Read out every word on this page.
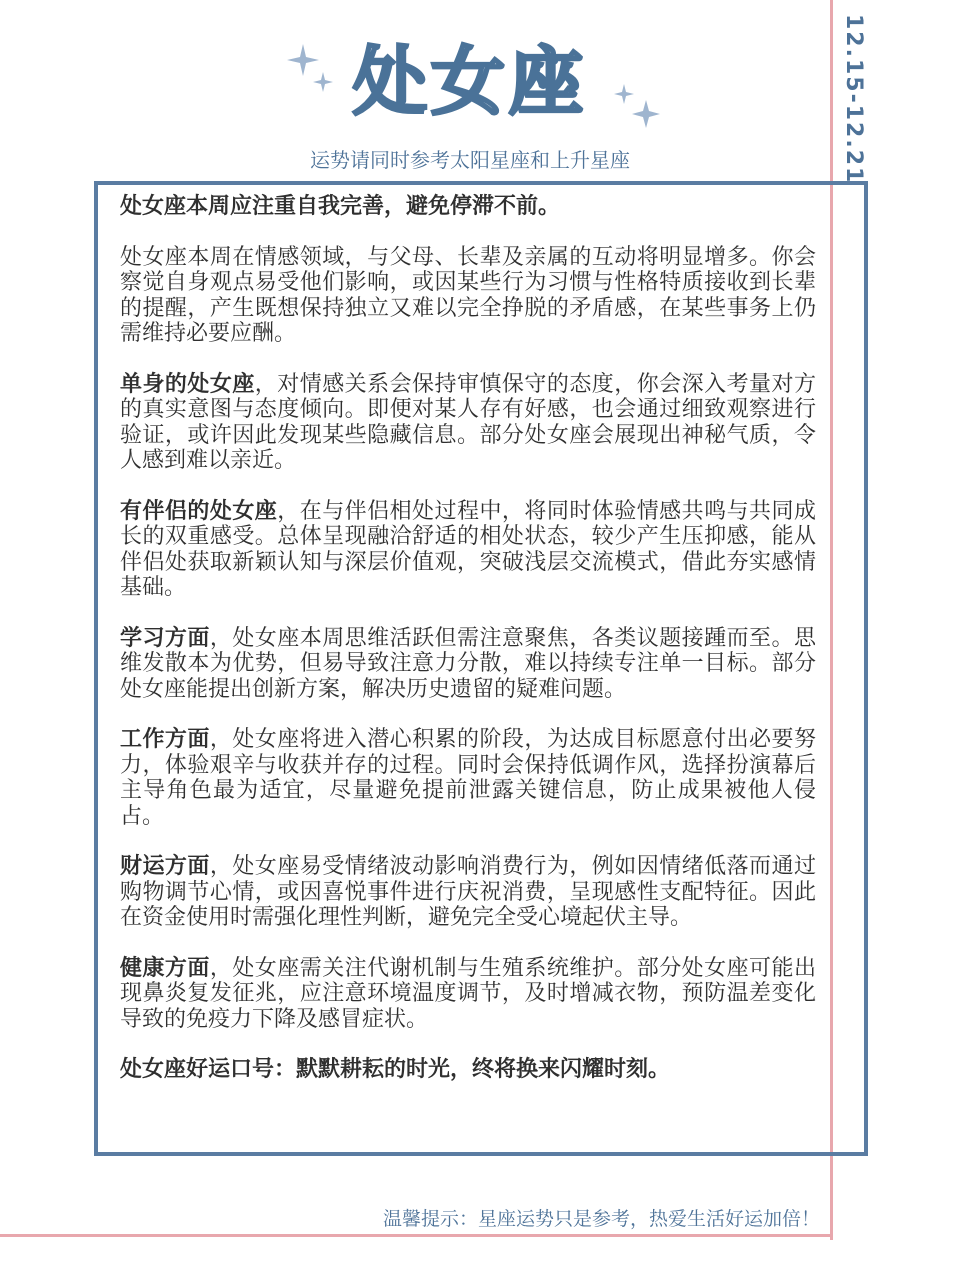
12.15-12.21
处女座
运势请同时参考太阳星座和上升星座

处女座本周应注重自我完善，避免停滞不前。

处女座本周在情感领域，与父母、长辈及亲属的互动将明显增多。你会察觉自身观点易受他们影响，或因某些行为习惯与性格特质接收到长辈的提醒，产生既想保持独立又难以完全挣脱的矛盾感，在某些事务上仍需维持必要应酬。

单身的处女座，对情感关系会保持审慎保守的态度，你会深入考量对方的真实意图与态度倾向。即便对某人存有好感，也会通过细致观察进行验证，或许因此发现某些隐藏信息。部分处女座会展现出神秘气质，令人感到难以亲近。

有伴侣的处女座，在与伴侣相处过程中，将同时体验情感共鸣与共同成长的双重感受。总体呈现融洽舒适的相处状态，较少产生压抑感，能从伴侣处获取新颖认知与深层价值观，突破浅层交流模式，借此夯实感情基础。

学习方面，处女座本周思维活跃但需注意聚焦，各类议题接踵而至。思维发散本为优势，但易导致注意力分散，难以持续专注单一目标。部分处女座能提出创新方案，解决历史遗留的疑难问题。

工作方面，处女座将进入潜心积累的阶段，为达成目标愿意付出必要努力，体验艰辛与收获并存的过程。同时会保持低调作风，选择扮演幕后主导角色最为适宜，尽量避免提前泄露关键信息，防止成果被他人侵占。

财运方面，处女座易受情绪波动影响消费行为，例如因情绪低落而通过购物调节心情，或因喜悦事件进行庆祝消费，呈现感性支配特征。因此在资金使用时需强化理性判断，避免完全受心境起伏主导。

健康方面，处女座需关注代谢机制与生殖系统维护。部分处女座可能出现鼻炎复发征兆，应注意环境温度调节，及时增减衣物，预防温差变化导致的免疫力下降及感冒症状。

处女座好运口号：默默耕耘的时光，终将换来闪耀时刻。

温馨提示：星座运势只是参考，热爱生活好运加倍！
